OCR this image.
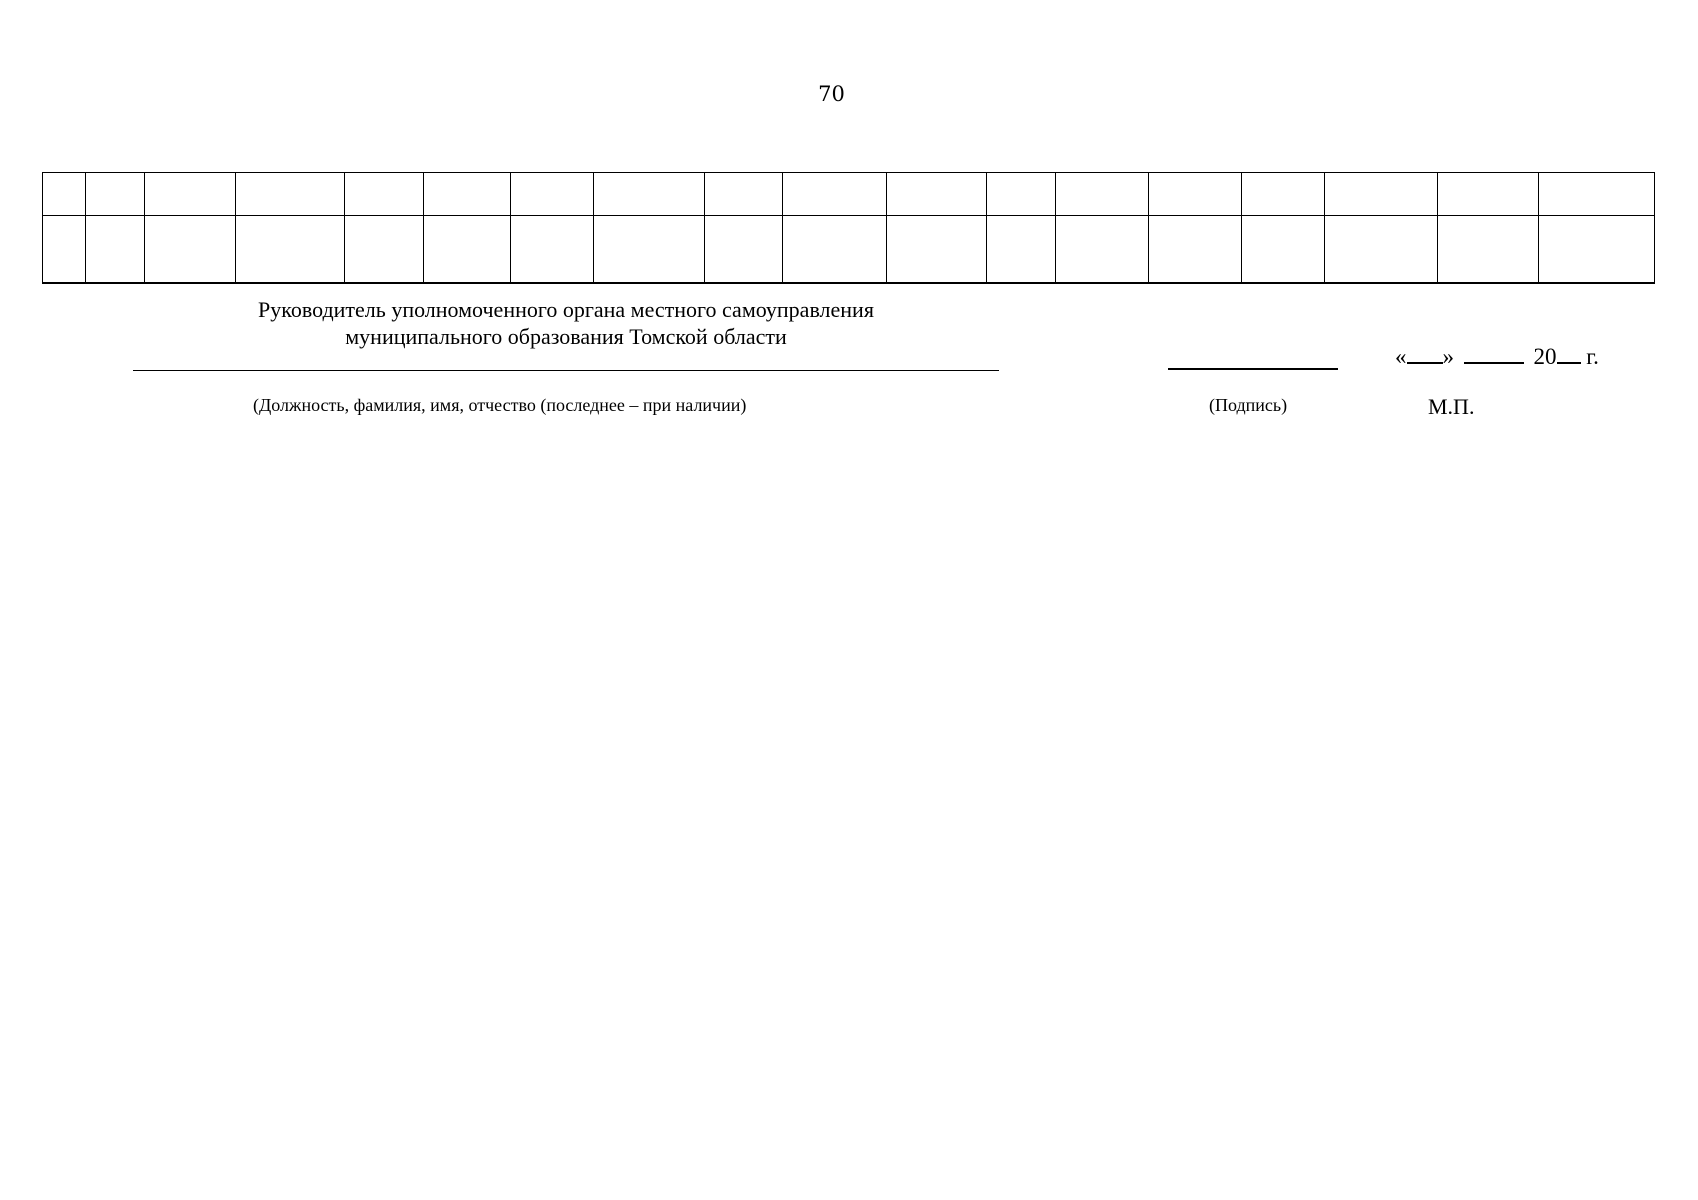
70

Руководитель уполномоченного органа местного самоуправления
муниципального образования Томской области
« »	20 г.
(Должность, фамилия, имя, отчество (последнее – при наличии)	(Подпись)	М.П.
